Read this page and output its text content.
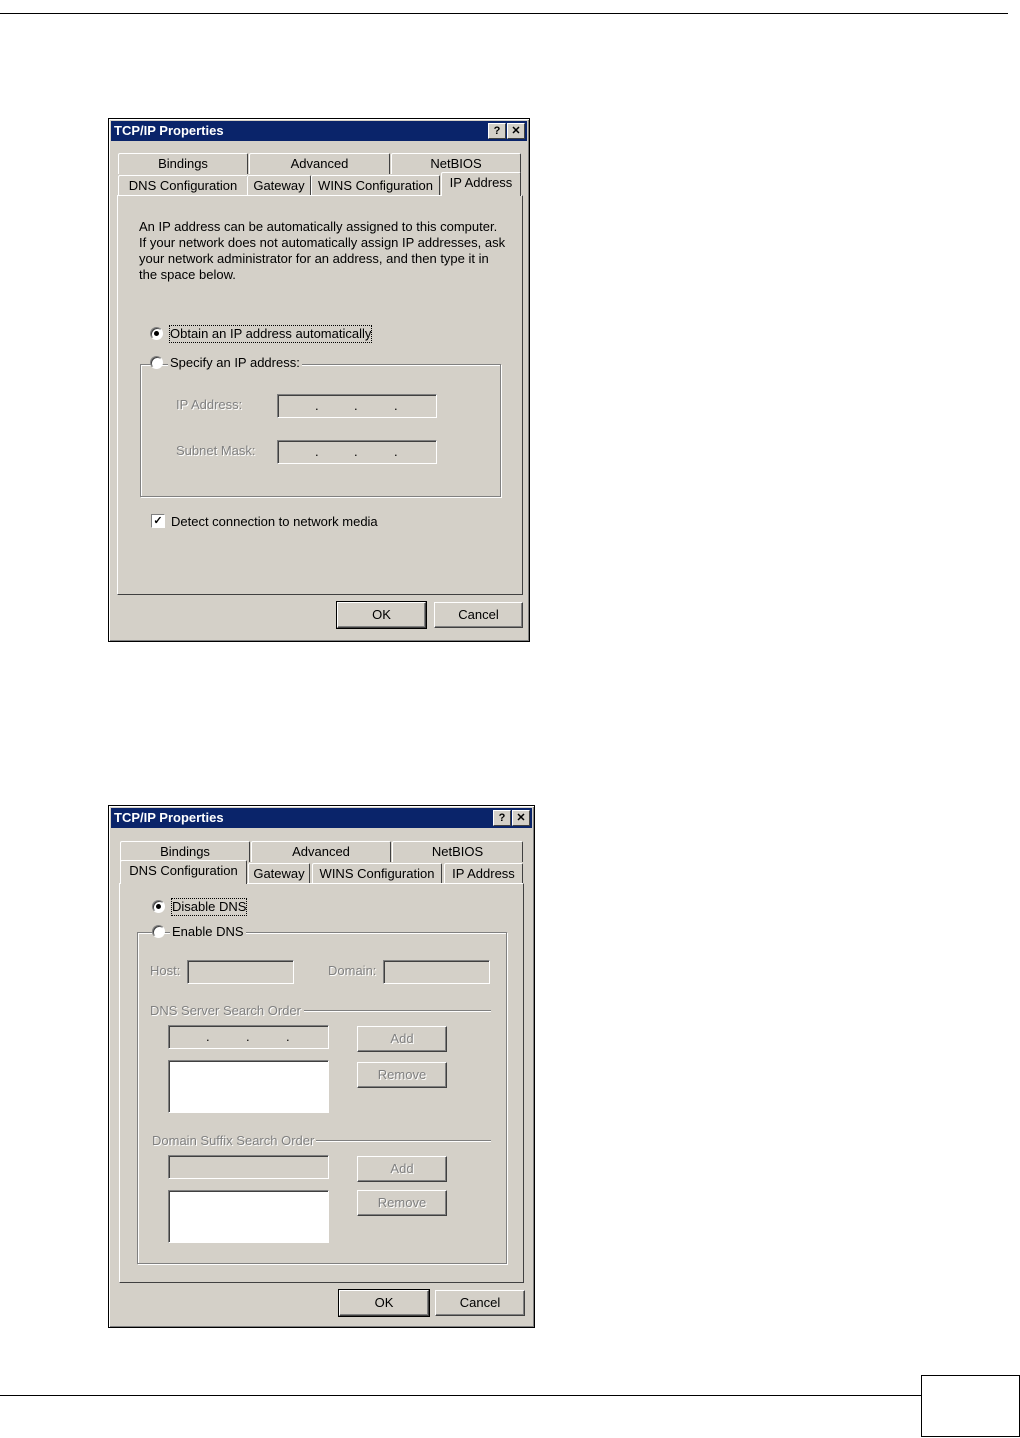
TCP/IP Properties	?	✕
Bindings	Advanced	NetBIOS
DNS Configuration	Gateway	WINS Configuration	IP Address
An IP address can be automatically assigned to this computer.
If your network does not automatically assign IP addresses, ask
your network administrator for an address, and then type it in
the space below.
Obtain an IP address automatically
Specify an IP address:
IP Address:	.	.	.
Subnet Mask:	.	.	.
✓ Detect connection to network media
OK	Cancel
TCP/IP Properties	?	✕
Bindings	Advanced	NetBIOS
DNS Configuration	Gateway	WINS Configuration	IP Address
Disable DNS
Enable DNS
Host:	Domain:
DNS Server Search Order
.	.	.	Add
Remove
Domain Suffix Search Order
Add
Remove
OK	Cancel
